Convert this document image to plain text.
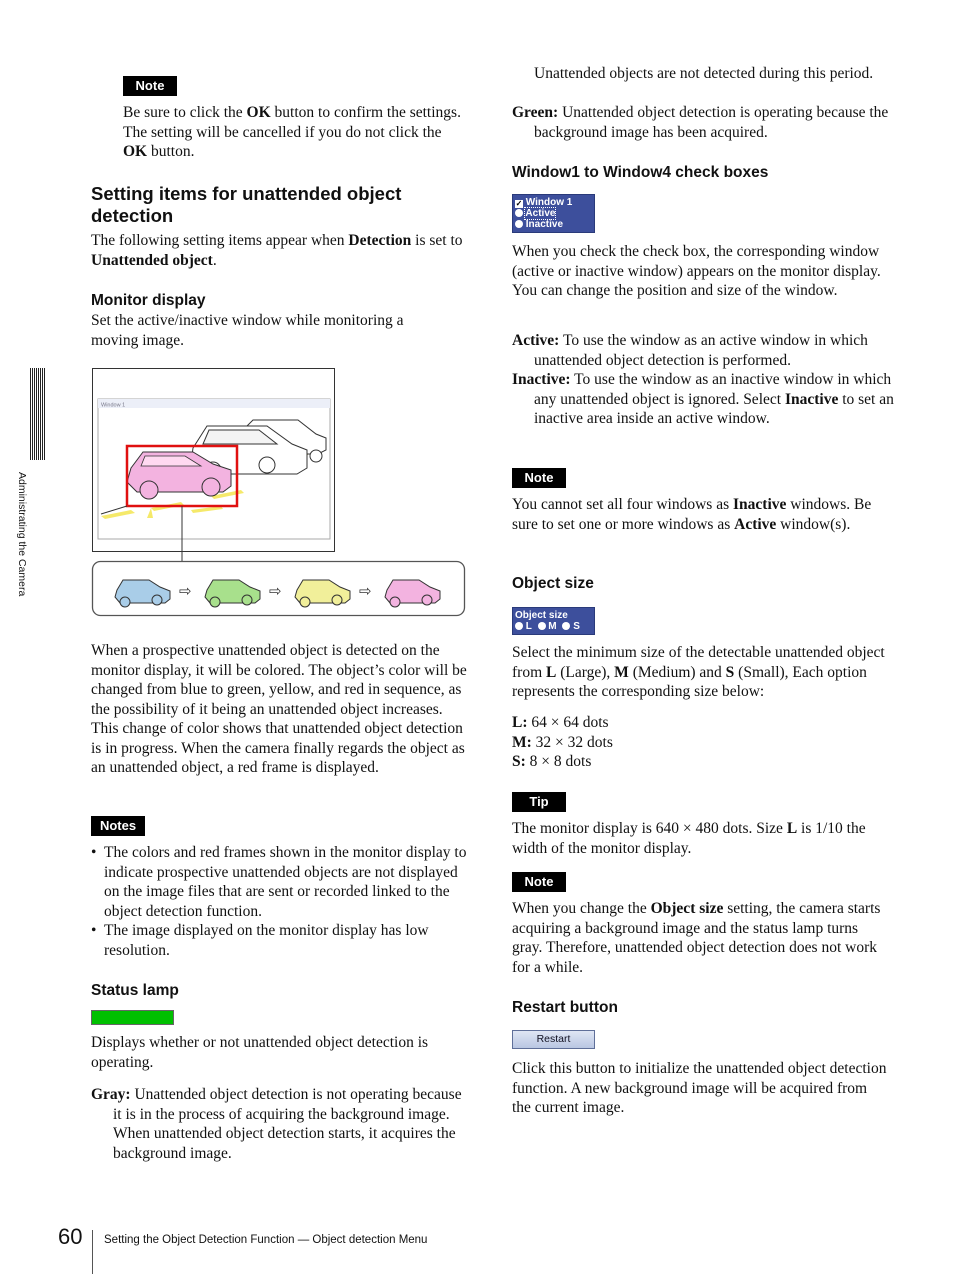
Administrating the Camera
Note

Be sure to click the OK button to confirm the settings. The setting will be cancelled if you do not click the OK button.

Setting items for unattended object detection

The following setting items appear when Detection is set to Unattended object.

Monitor display

Set the active/inactive window while monitoring a moving image.

Window 1
⇨	⇨	⇨

When a prospective unattended object is detected on the monitor display, it will be colored. The object’s color will be changed from blue to green, yellow, and red in sequence, as the possibility of it being an unattended object increases. This change of color shows that unattended object detection is in progress. When the camera finally regards the object as an unattended object, a red frame is displayed.

Notes
• The colors and red frames shown in the monitor display to indicate prospective unattended objects are not displayed on the image files that are sent or recorded linked to the object detection function.
• The image displayed on the monitor display has low resolution.
Status lamp

Displays whether or not unattended object detection is operating.

Gray: Unattended object detection is not operating because it is in the process of acquiring the background image. When unattended object detection starts, it acquires the background image.

Unattended objects are not detected during this period.

Green: Unattended object detection is operating because the background image has been acquired.

Window1 to Window4 check boxes
✓ Window 1
Active
Inactive

When you check the check box, the corresponding window (active or inactive window) appears on the monitor display. You can change the position and size of the window.

Active: To use the window as an active window in which unattended object detection is performed.

Inactive: To use the window as an inactive window in which any unattended object is ignored. Select Inactive to set an inactive area inside an active window.

Note

You cannot set all four windows as Inactive windows. Be sure to set one or more windows as Active window(s).

Object size
Object size
L M S

Select the minimum size of the detectable unattended object from L (Large), M (Medium) and S (Small), Each option represents the corresponding size below:

L: 64 × 64 dots
M: 32 × 32 dots
S: 8 × 8 dots
Tip

The monitor display is 640 × 480 dots. Size L is 1/10 the width of the monitor display.

Note

When you change the Object size setting, the camera starts acquiring a background image and the status lamp turns gray. Therefore, unattended object detection does not work for a while.

Restart button
Restart

Click this button to initialize the unattended object detection function. A new background image will be acquired from the current image.

60 Setting the Object Detection Function — Object detection Menu
